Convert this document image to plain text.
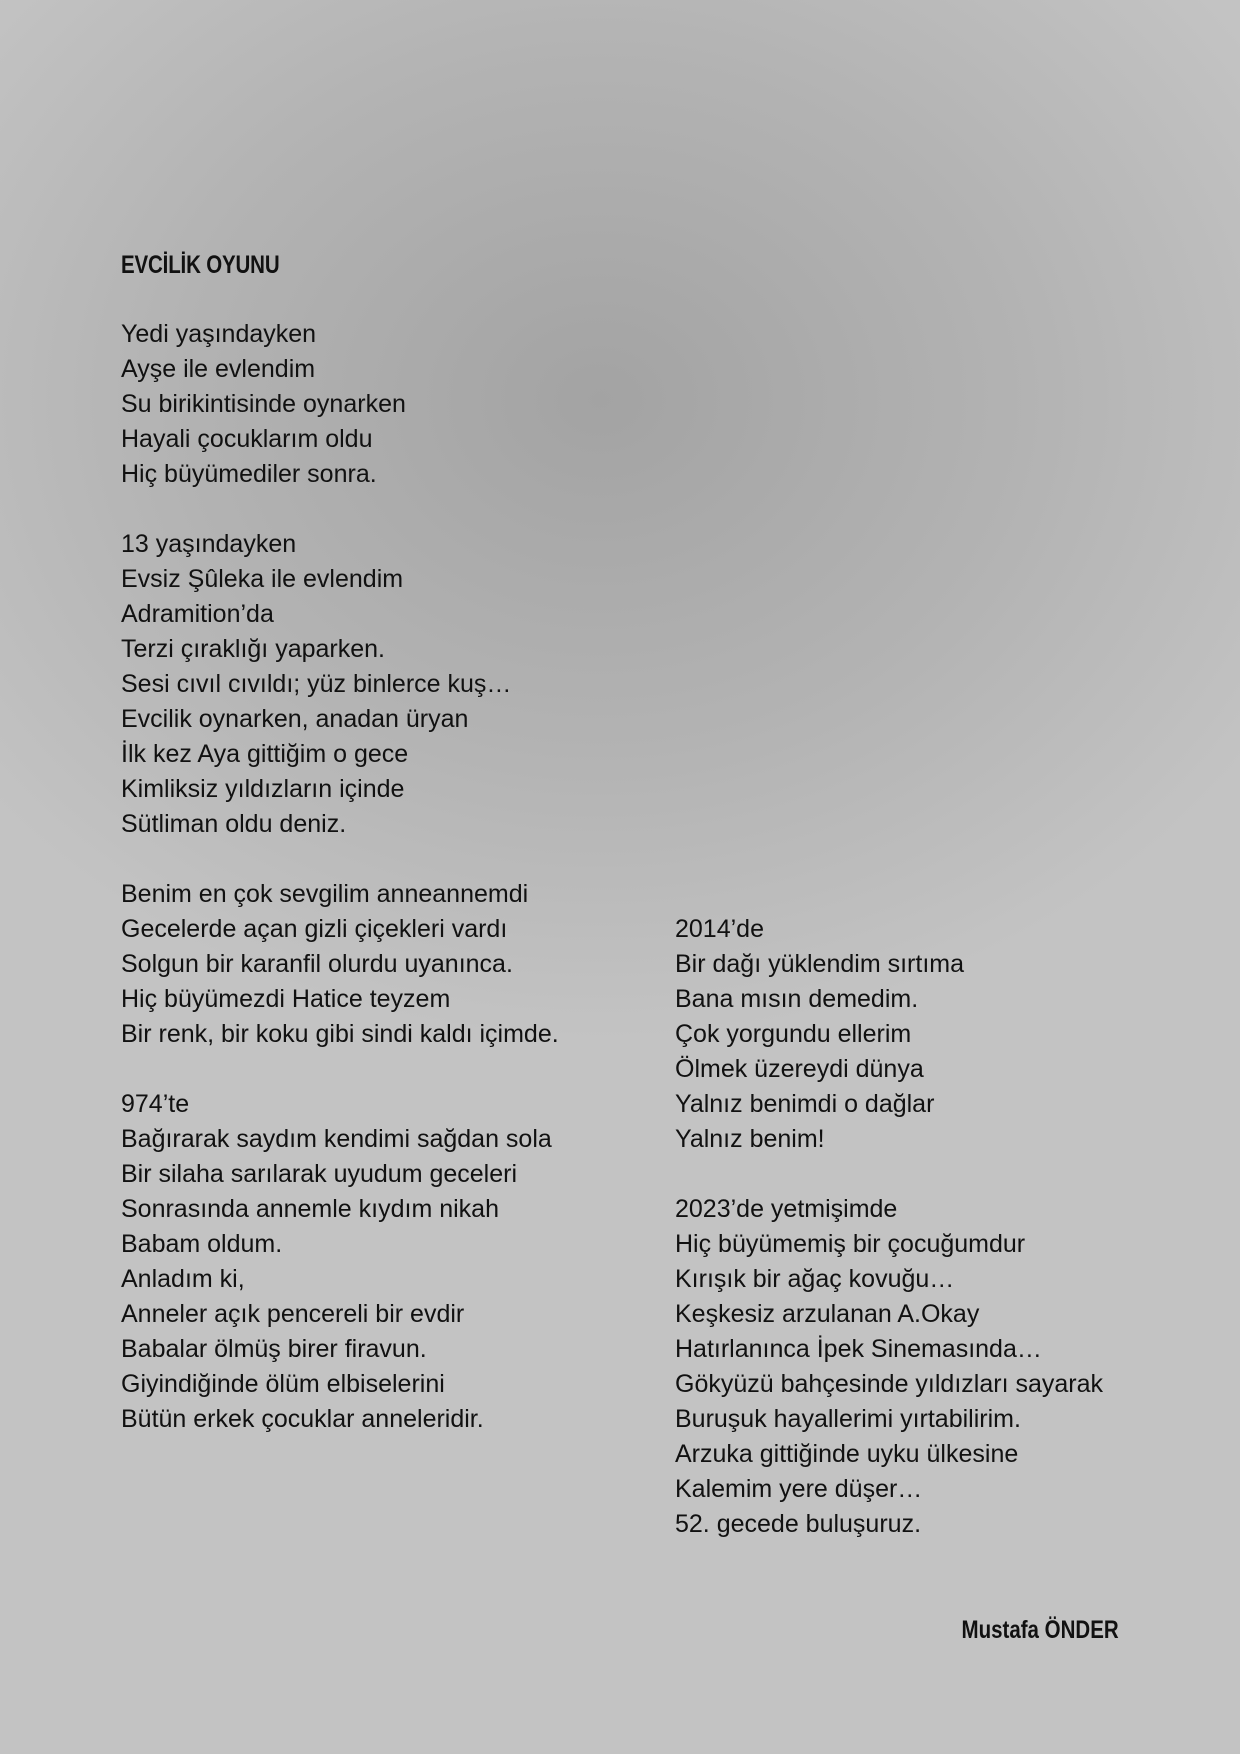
EVCİLİK OYUNU

Yedi yaşındayken
Ayşe ile evlendim
Su birikintisinde oynarken
Hayali çocuklarım oldu
Hiç büyümediler sonra.

13 yaşındayken
Evsiz Şûleka ile evlendim
Adramition’da
Terzi çıraklığı yaparken.
Sesi cıvıl cıvıldı; yüz binlerce kuş…
Evcilik oynarken, anadan üryan
İlk kez Aya gittiğim o gece
Kimliksiz yıldızların içinde
Sütliman oldu deniz.

Benim en çok sevgilim anneannemdi
Gecelerde açan gizli çiçekleri vardı
Solgun bir karanfil olurdu uyanınca.
Hiç büyümezdi Hatice teyzem
Bir renk, bir koku gibi sindi kaldı içimde.

974’te
Bağırarak saydım kendimi sağdan sola
Bir silaha sarılarak uyudum geceleri
Sonrasında annemle kıydım nikah
Babam oldum.
Anladım ki,
Anneler açık pencereli bir evdir
Babalar ölmüş birer firavun.
Giyindiğinde ölüm elbiselerini
Bütün erkek çocuklar anneleridir.

2014’de
Bir dağı yüklendim sırtıma
Bana mısın demedim.
Çok yorgundu ellerim
Ölmek üzereydi dünya
Yalnız benimdi o dağlar
Yalnız benim!

2023’de yetmişimde
Hiç büyümemiş bir çocuğumdur
Kırışık bir ağaç kovuğu…
Keşkesiz arzulanan A.Okay
Hatırlanınca İpek Sinemasında…
Gökyüzü bahçesinde yıldızları sayarak
Buruşuk hayallerimi yırtabilirim.
Arzuka gittiğinde uyku ülkesine
Kalemim yere düşer…
52. gecede buluşuruz.

Mustafa ÖNDER
